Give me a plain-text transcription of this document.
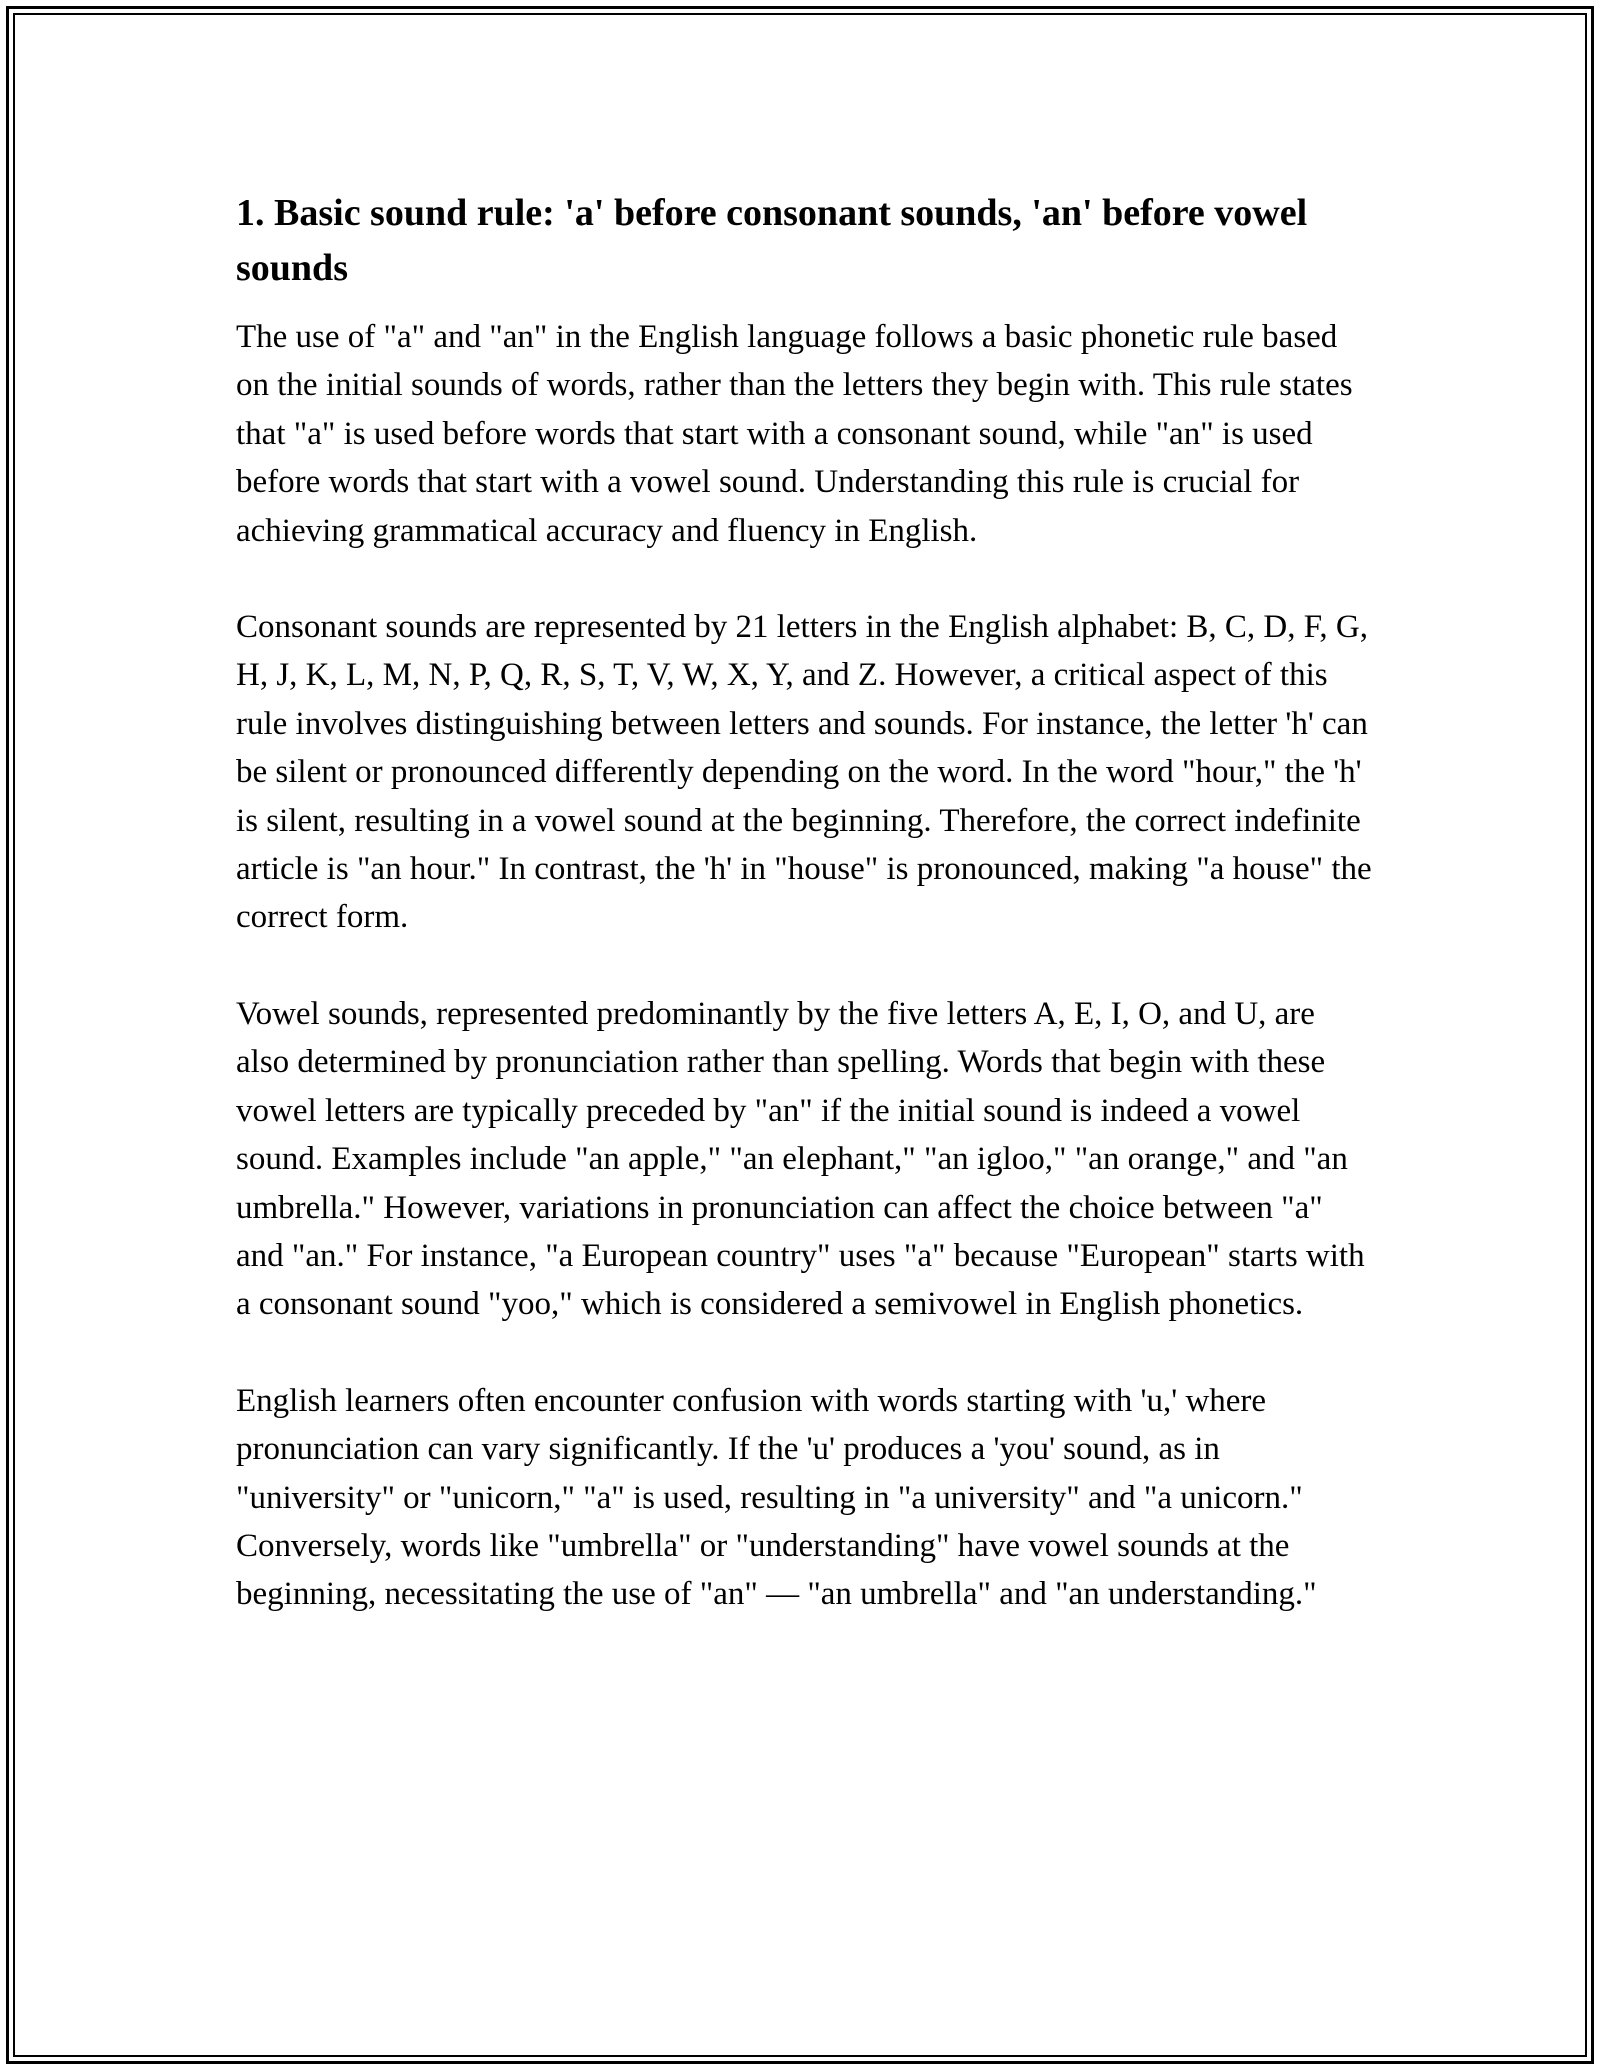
1. Basic sound rule: 'a' before consonant sounds, 'an' before vowel sounds

The use of "a" and "an" in the English language follows a basic phonetic rule based on the initial sounds of words, rather than the letters they begin with. This rule states that "a" is used before words that start with a consonant sound, while "an" is used before words that start with a vowel sound. Understanding this rule is crucial for achieving grammatical accuracy and fluency in English.

Consonant sounds are represented by 21 letters in the English alphabet: B, C, D, F, G, H, J, K, L, M, N, P, Q, R, S, T, V, W, X, Y, and Z. However, a critical aspect of this rule involves distinguishing between letters and sounds. For instance, the letter 'h' can be silent or pronounced differently depending on the word. In the word "hour," the 'h' is silent, resulting in a vowel sound at the beginning. Therefore, the correct indefinite article is "an hour." In contrast, the 'h' in "house" is pronounced, making "a house" the correct form.

Vowel sounds, represented predominantly by the five letters A, E, I, O, and U, are also determined by pronunciation rather than spelling. Words that begin with these vowel letters are typically preceded by "an" if the initial sound is indeed a vowel sound. Examples include "an apple," "an elephant," "an igloo," "an orange," and "an umbrella." However, variations in pronunciation can affect the choice between "a" and "an." For instance, "a European country" uses "a" because "European" starts with a consonant sound "yoo," which is considered a semivowel in English phonetics.

English learners often encounter confusion with words starting with 'u,' where pronunciation can vary significantly. If the 'u' produces a 'you' sound, as in "university" or "unicorn," "a" is used, resulting in "a university" and "a unicorn." Conversely, words like "umbrella" or "understanding" have vowel sounds at the beginning, necessitating the use of "an" — "an umbrella" and "an understanding."
